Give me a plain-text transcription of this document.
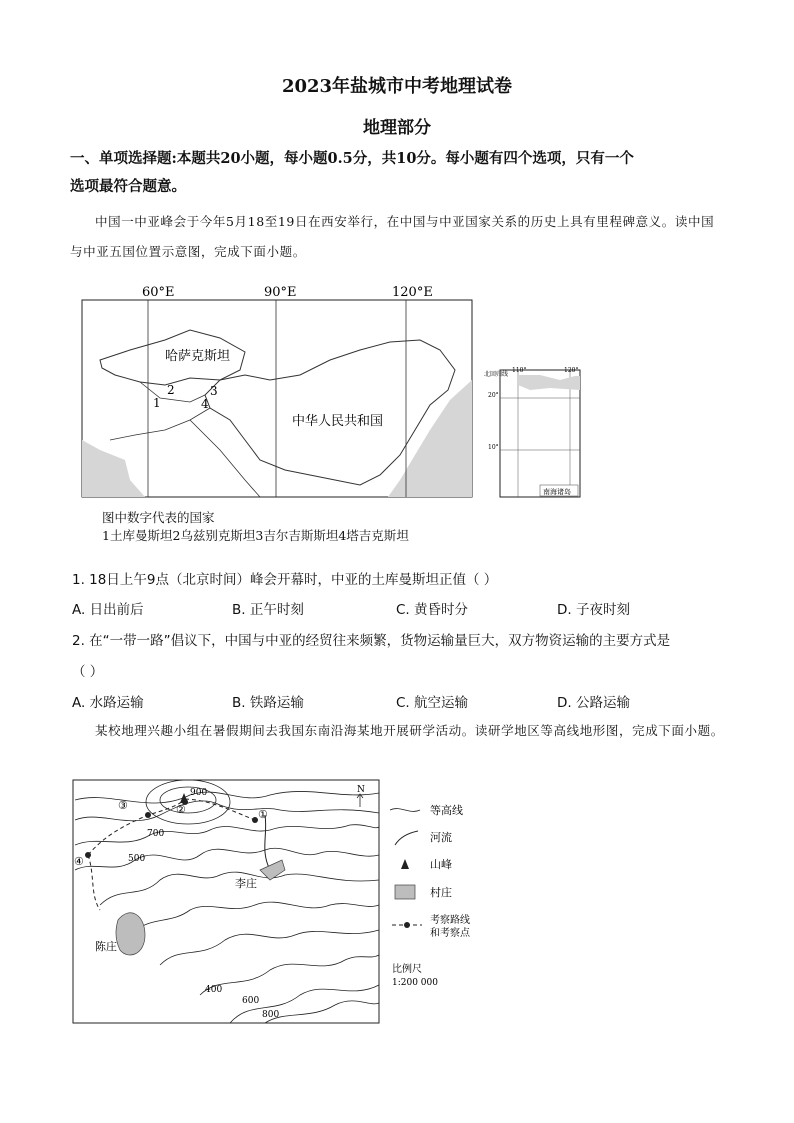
2023年盐城市中考地理试卷
地理部分
一、单项选择题:本题共20小题，每小题0.5分，共10分。每小题有四个选项，只有一个
选项最符合题意。
中国一中亚峰会于今年5月18至19日在西安举行，在中国与中亚国家关系的历史上具有里程碑意义。读中国与中亚五国位置示意图，完成下面小题。
60°E	90°E	120°E
哈萨克斯坦
中华人民共和国
1
2	3
4
110°	120°
20°
10°
北回归线
南海诸岛
图中数字代表的国家
1土库曼斯坦2乌兹别克斯坦3吉尔吉斯斯坦4塔吉克斯坦
1. 18日上午9点（北京时间）峰会开幕时，中亚的土库曼斯坦正值（ ）
A. 日出前后	B. 正午时刻	C. 黄昏时分	D. 子夜时刻
2. 在“一带一路”倡议下，中国与中亚的经贸往来频繁，货物运输量巨大，双方物资运输的主要方式是
（ ）
A. 水路运输	B. 铁路运输	C. 航空运输	D. 公路运输
某校地理兴趣小组在暑假期间去我国东南沿海某地开展研学活动。读研学地区等高线地形图，完成下面小题。
李庄
陈庄
①
②
③
④
900
700
500
400
600
800
N
等高线
河流
山峰
村庄
考察路线
和考察点
比例尺
1:200 000
